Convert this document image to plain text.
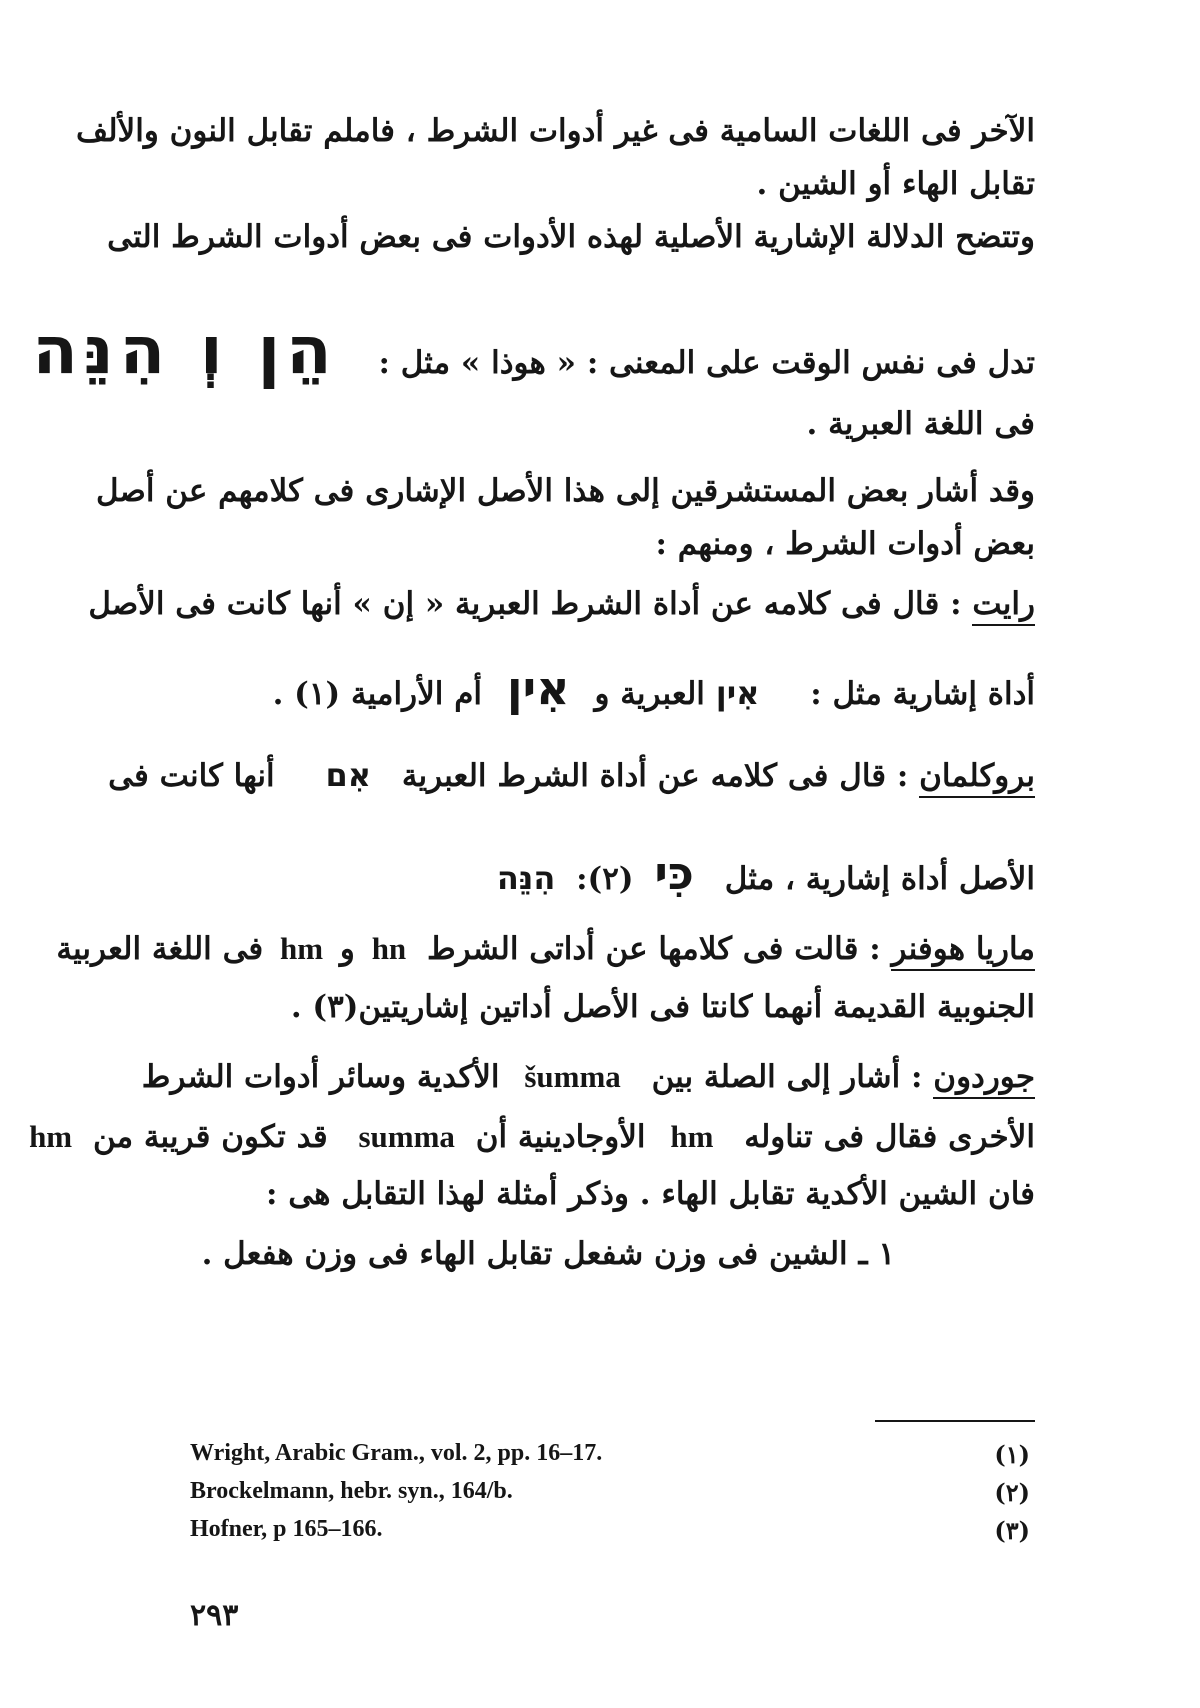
الآخر فى اللغات السامية فى غير أدوات الشرط ، فاملم تقابل النون والألف
تقابل الهاء أو الشين .
وتتضح الدلالة الإشارية الأصلية لهذه الأدوات فى بعض أدوات الشرط التى
تدل فى نفس الوقت على المعنى : « هوذا » مثل : הֵן וְ הִנֵּה
فى اللغة العبرية .
وقد أشار بعض المستشرقين إلى هذا الأصل الإشارى فى كلامهم عن أصل
بعض أدوات الشرط ، ومنهم :
رايت : قال فى كلامه عن أداة الشرط العبرية « إن » أنها كانت فى الأصل
أداة إشارية مثل : אִין العبرية و אִין أم الأرامية (١) .
بروكلمان : قال فى كلامه عن أداة الشرط العبرية אִם أنها كانت فى
الأصل أداة إشارية ، مثل כִּי (٢): הִנֵּה
ماريا هوفنر : قالت فى كلامها عن أداتى الشرط hn و hm فى اللغة العربية
الجنوبية القديمة أنهما كانتا فى الأصل أداتين إشاريتين(٣) .
جوردون : أشار إلى الصلة بين šumma الأكدية وسائر أدوات الشرط
الأخرى فقال فى تناوله hm الأوجادينية أن summa قد تكون قريبة من hm
فان الشين الأكدية تقابل الهاء . وذكر أمثلة لهذا التقابل هى :
١ ـ الشين فى وزن شفعل تقابل الهاء فى وزن هفعل .
Wright, Arabic Gram., vol. 2, pp. 16–17.	(١)
Brockelmann, hebr. syn., 164/b.	(٢)
Hofner, p 165–166.	(٣)
٢٩٣
